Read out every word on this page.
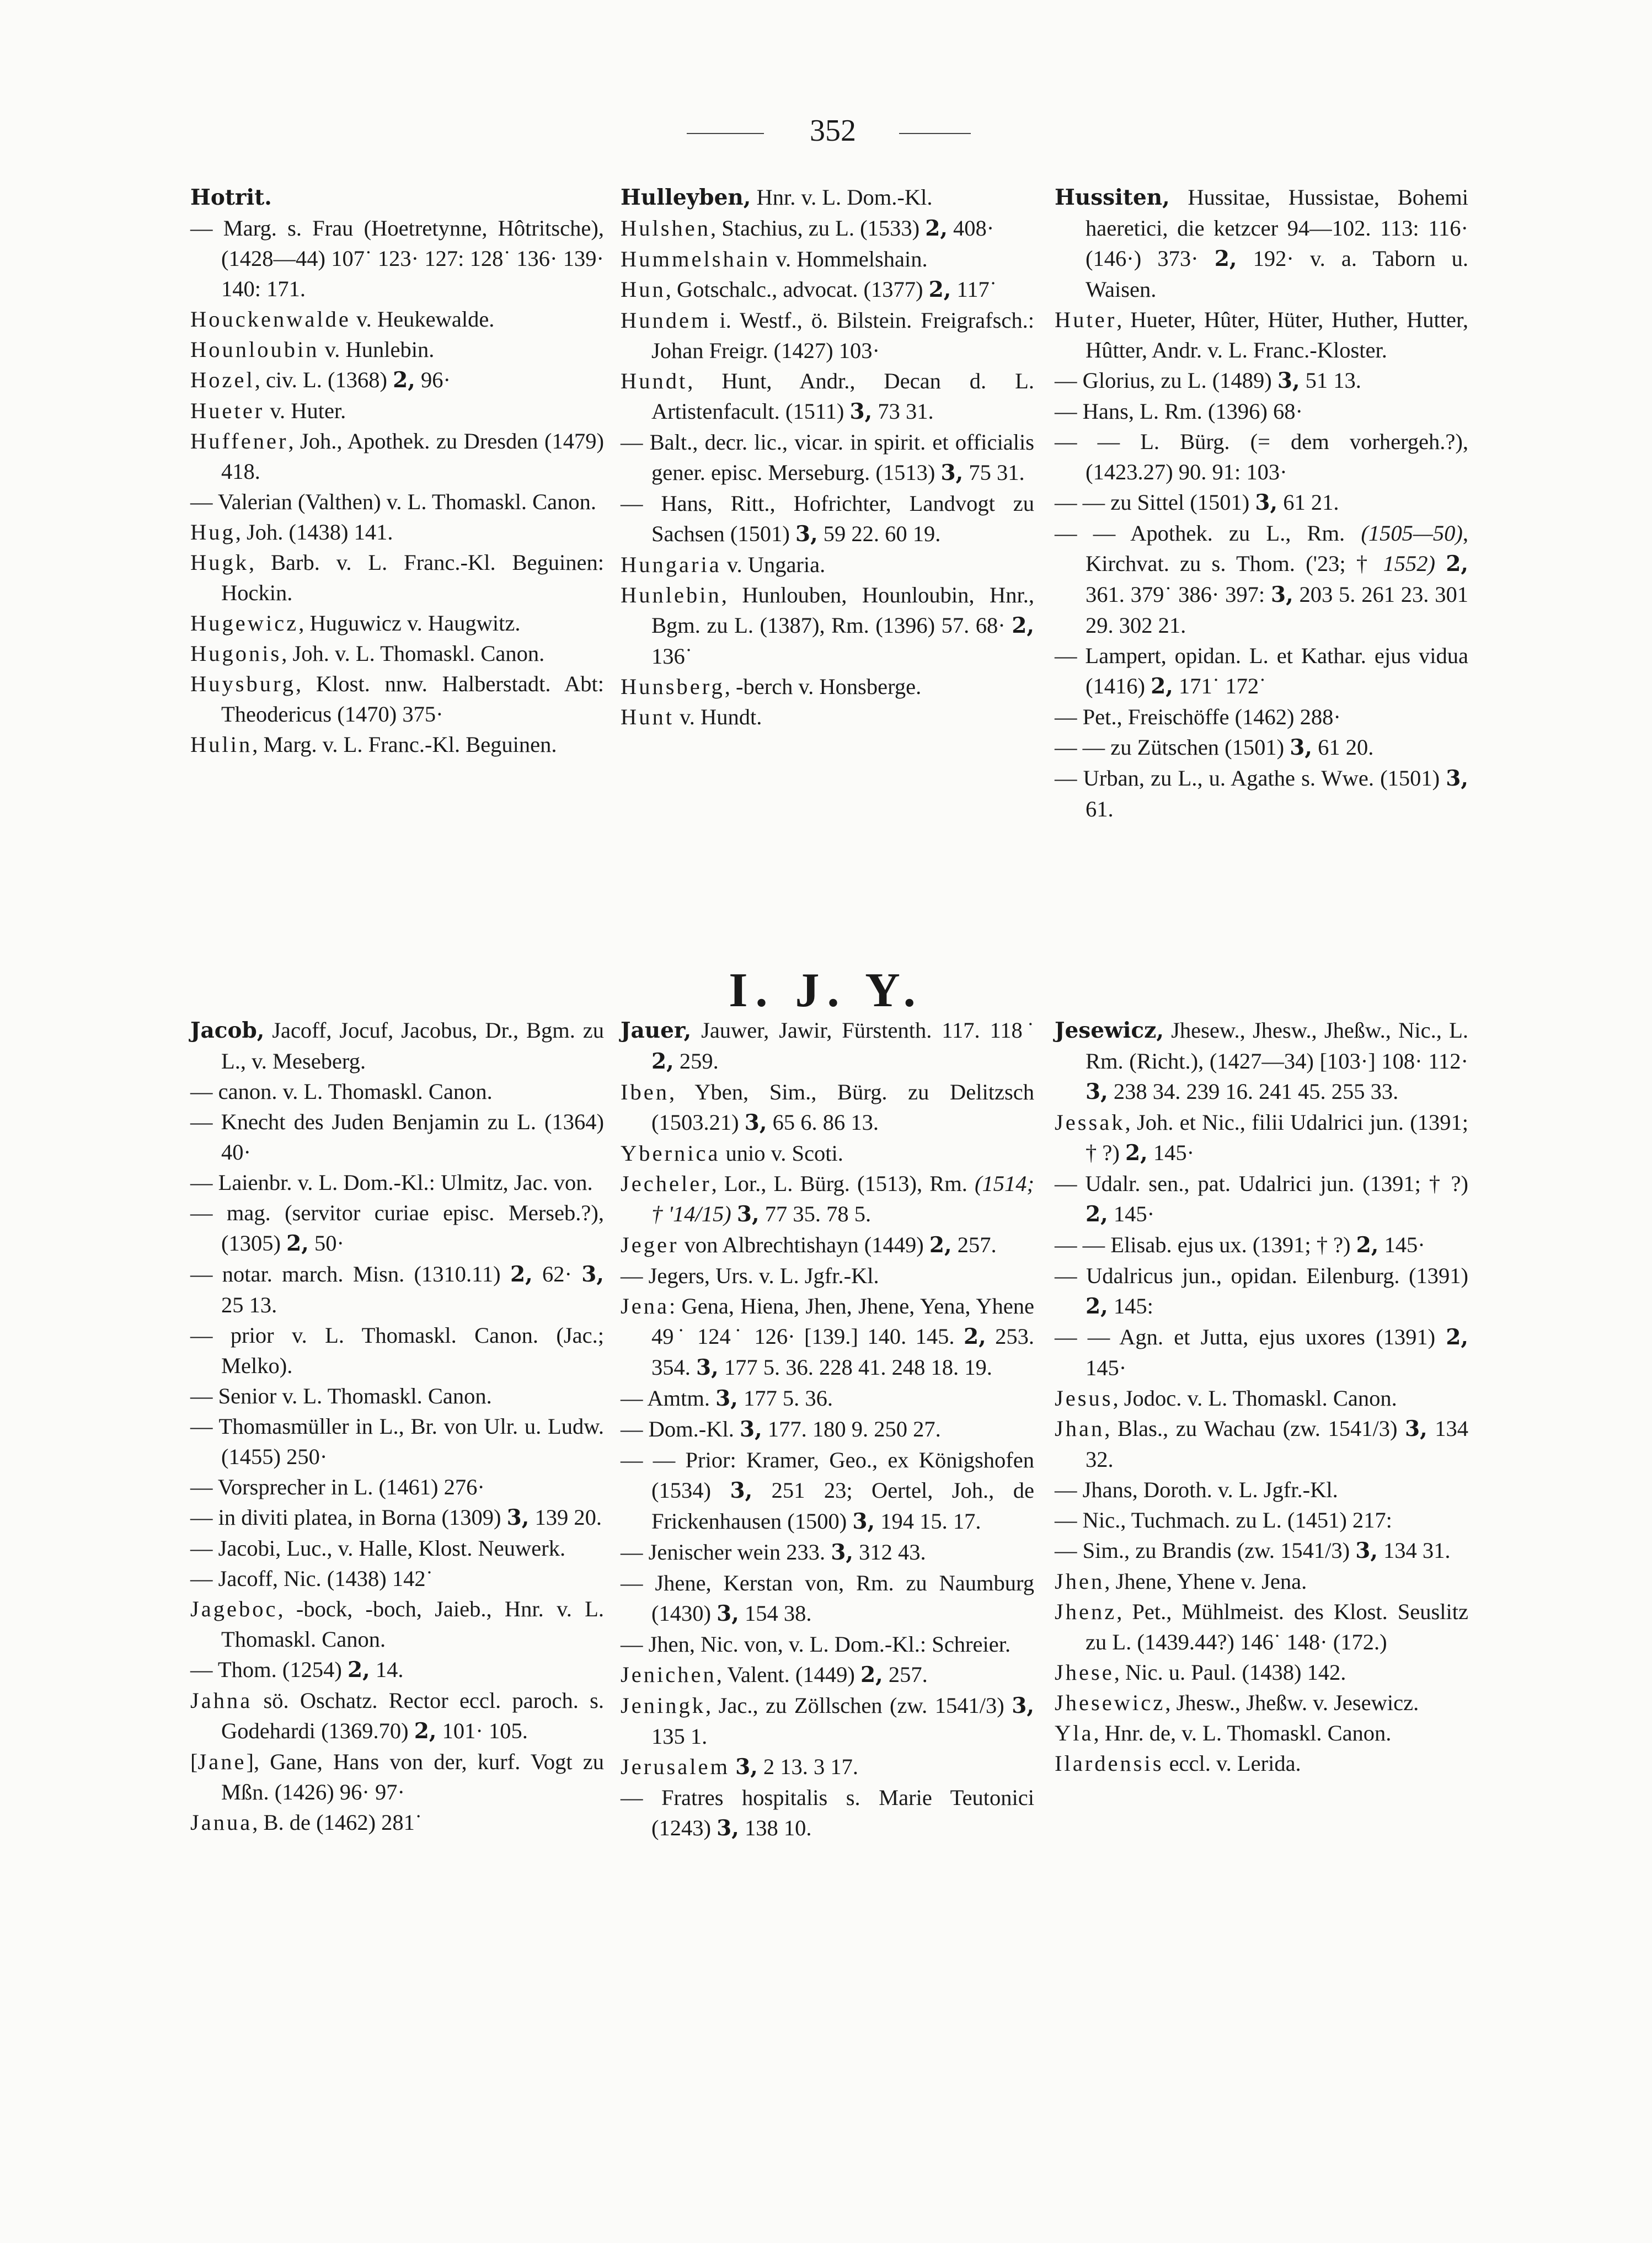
352

Hotrit.

— Marg. s. Frau (Hoetretynne, Hôtritsche), (1428—44) 107˙ 123· 127: 128˙ 136· 139· 140: 171.

Houckenwalde v. Heukewalde.

Hounloubin v. Hunlebin.

Hozel, civ. L. (1368) 2, 96·

Hueter v. Huter.

Huffener, Joh., Apothek. zu Dresden (1479) 418.

— Valerian (Valthen) v. L. Thomaskl. Canon.

Hug, Joh. (1438) 141.

Hugk, Barb. v. L. Franc.-Kl. Beguinen: Hockin.

Hugewicz, Huguwicz v. Haugwitz.

Hugonis, Joh. v. L. Thomaskl. Canon.

Huysburg, Klost. nnw. Halberstadt. Abt: Theodericus (1470) 375·

Hulin, Marg. v. L. Franc.-Kl. Beguinen.

Hulleyben, Hnr. v. L. Dom.-Kl.

Hulshen, Stachius, zu L. (1533) 2, 408·

Hummelshain v. Hommelshain.

Hun, Gotschalc., advocat. (1377) 2, 117˙

Hundem i. Westf., ö. Bilstein. Freigrafsch.: Johan Freigr. (1427) 103·

Hundt, Hunt, Andr., Decan d. L. Artistenfacult. (1511) 3, 73 31.

— Balt., decr. lic., vicar. in spirit. et officialis gener. episc. Merseburg. (1513) 3, 75 31.

— Hans, Ritt., Hofrichter, Landvogt zu Sachsen (1501) 3, 59 22. 60 19.

Hungaria v. Ungaria.

Hunlebin, Hunlouben, Hounloubin, Hnr., Bgm. zu L. (1387), Rm. (1396) 57. 68· 2, 136˙

Hunsberg, -berch v. Honsberge.

Hunt v. Hundt.

Hussiten, Hussitae, Hussistae, Bohemi haeretici, die ketzcer 94—102. 113: 116· (146·) 373· 2, 192· v. a. Taborn u. Waisen.

Huter, Hueter, Hûter, Hüter, Huther, Hutter, Hûtter, Andr. v. L. Franc.-Kloster.

— Glorius, zu L. (1489) 3, 51 13.

— Hans, L. Rm. (1396) 68·

— — L. Bürg. (= dem vorhergeh.?), (1423.27) 90. 91: 103·

— — zu Sittel (1501) 3, 61 21.

— — Apothek. zu L., Rm. (1505—50), Kirchvat. zu s. Thom. ('23; † 1552) 2, 361. 379˙ 386· 397: 3, 203 5. 261 23. 301 29. 302 21.

— Lampert, opidan. L. et Kathar. ejus vidua (1416) 2, 171˙ 172˙

— Pet., Freischöffe (1462) 288·

— — zu Zütschen (1501) 3, 61 20.

— Urban, zu L., u. Agathe s. Wwe. (1501) 3, 61.

I. J. Y.

Jacob, Jacoff, Jocuf, Jacobus, Dr., Bgm. zu L., v. Meseberg.

— canon. v. L. Thomaskl. Canon.

— Knecht des Juden Benjamin zu L. (1364) 40·

— Laienbr. v. L. Dom.-Kl.: Ulmitz, Jac. von.

— mag. (servitor curiae episc. Merseb.?), (1305) 2, 50·

— notar. march. Misn. (1310.11) 2, 62· 3, 25 13.

— prior v. L. Thomaskl. Canon. (Jac.; Melko).

— Senior v. L. Thomaskl. Canon.

— Thomasmüller in L., Br. von Ulr. u. Ludw. (1455) 250·

— Vorsprecher in L. (1461) 276·

— in diviti platea, in Borna (1309) 3, 139 20.

— Jacobi, Luc., v. Halle, Klost. Neuwerk.

— Jacoff, Nic. (1438) 142˙

Jageboc, -bock, -boch, Jaieb., Hnr. v. L. Thomaskl. Canon.

— Thom. (1254) 2, 14.

Jahna sö. Oschatz. Rector eccl. paroch. s. Godehardi (1369.70) 2, 101· 105.

[Jane], Gane, Hans von der, kurf. Vogt zu Mßn. (1426) 96· 97·

Janua, B. de (1462) 281˙

Jauer, Jauwer, Jawir, Fürstenth. 117. 118˙ 2, 259.

Iben, Yben, Sim., Bürg. zu Delitzsch (1503.21) 3, 65 6. 86 13.

Ybernica unio v. Scoti.

Jecheler, Lor., L. Bürg. (1513), Rm. (1514; † '14/15) 3, 77 35. 78 5.

Jeger von Albrechtishayn (1449) 2, 257.

— Jegers, Urs. v. L. Jgfr.-Kl.

Jena: Gena, Hiena, Jhen, Jhene, Yena, Yhene 49˙ 124˙ 126· [139.] 140. 145. 2, 253. 354. 3, 177 5. 36. 228 41. 248 18. 19.

— Amtm. 3, 177 5. 36.

— Dom.-Kl. 3, 177. 180 9. 250 27.

— — Prior: Kramer, Geo., ex Königshofen (1534) 3, 251 23; Oertel, Joh., de Frickenhausen (1500) 3, 194 15. 17.

— Jenischer wein 233. 3, 312 43.

— Jhene, Kerstan von, Rm. zu Naumburg (1430) 3, 154 38.

— Jhen, Nic. von, v. L. Dom.-Kl.: Schreier.

Jenichen, Valent. (1449) 2, 257.

Jeningk, Jac., zu Zöllschen (zw. 1541/3) 3, 135 1.

Jerusalem 3, 2 13. 3 17.

— Fratres hospitalis s. Marie Teutonici (1243) 3, 138 10.

Jesewicz, Jhesew., Jhesw., Jheßw., Nic., L. Rm. (Richt.), (1427—34) [103·] 108· 112· 3, 238 34. 239 16. 241 45. 255 33.

Jessak, Joh. et Nic., filii Udalrici jun. (1391; † ?) 2, 145·

— Udalr. sen., pat. Udalrici jun. (1391; † ?) 2, 145·

— — Elisab. ejus ux. (1391; † ?) 2, 145·

— Udalricus jun., opidan. Eilenburg. (1391) 2, 145:

— — Agn. et Jutta, ejus uxores (1391) 2, 145·

Jesus, Jodoc. v. L. Thomaskl. Canon.

Jhan, Blas., zu Wachau (zw. 1541/3) 3, 134 32.

— Jhans, Doroth. v. L. Jgfr.-Kl.

— Nic., Tuchmach. zu L. (1451) 217:

— Sim., zu Brandis (zw. 1541/3) 3, 134 31.

Jhen, Jhene, Yhene v. Jena.

Jhenz, Pet., Mühlmeist. des Klost. Seuslitz zu L. (1439.44?) 146˙ 148· (172.)

Jhese, Nic. u. Paul. (1438) 142.

Jhesewicz, Jhesw., Jheßw. v. Jesewicz.

Yla, Hnr. de, v. L. Thomaskl. Canon.

Ilardensis eccl. v. Lerida.
